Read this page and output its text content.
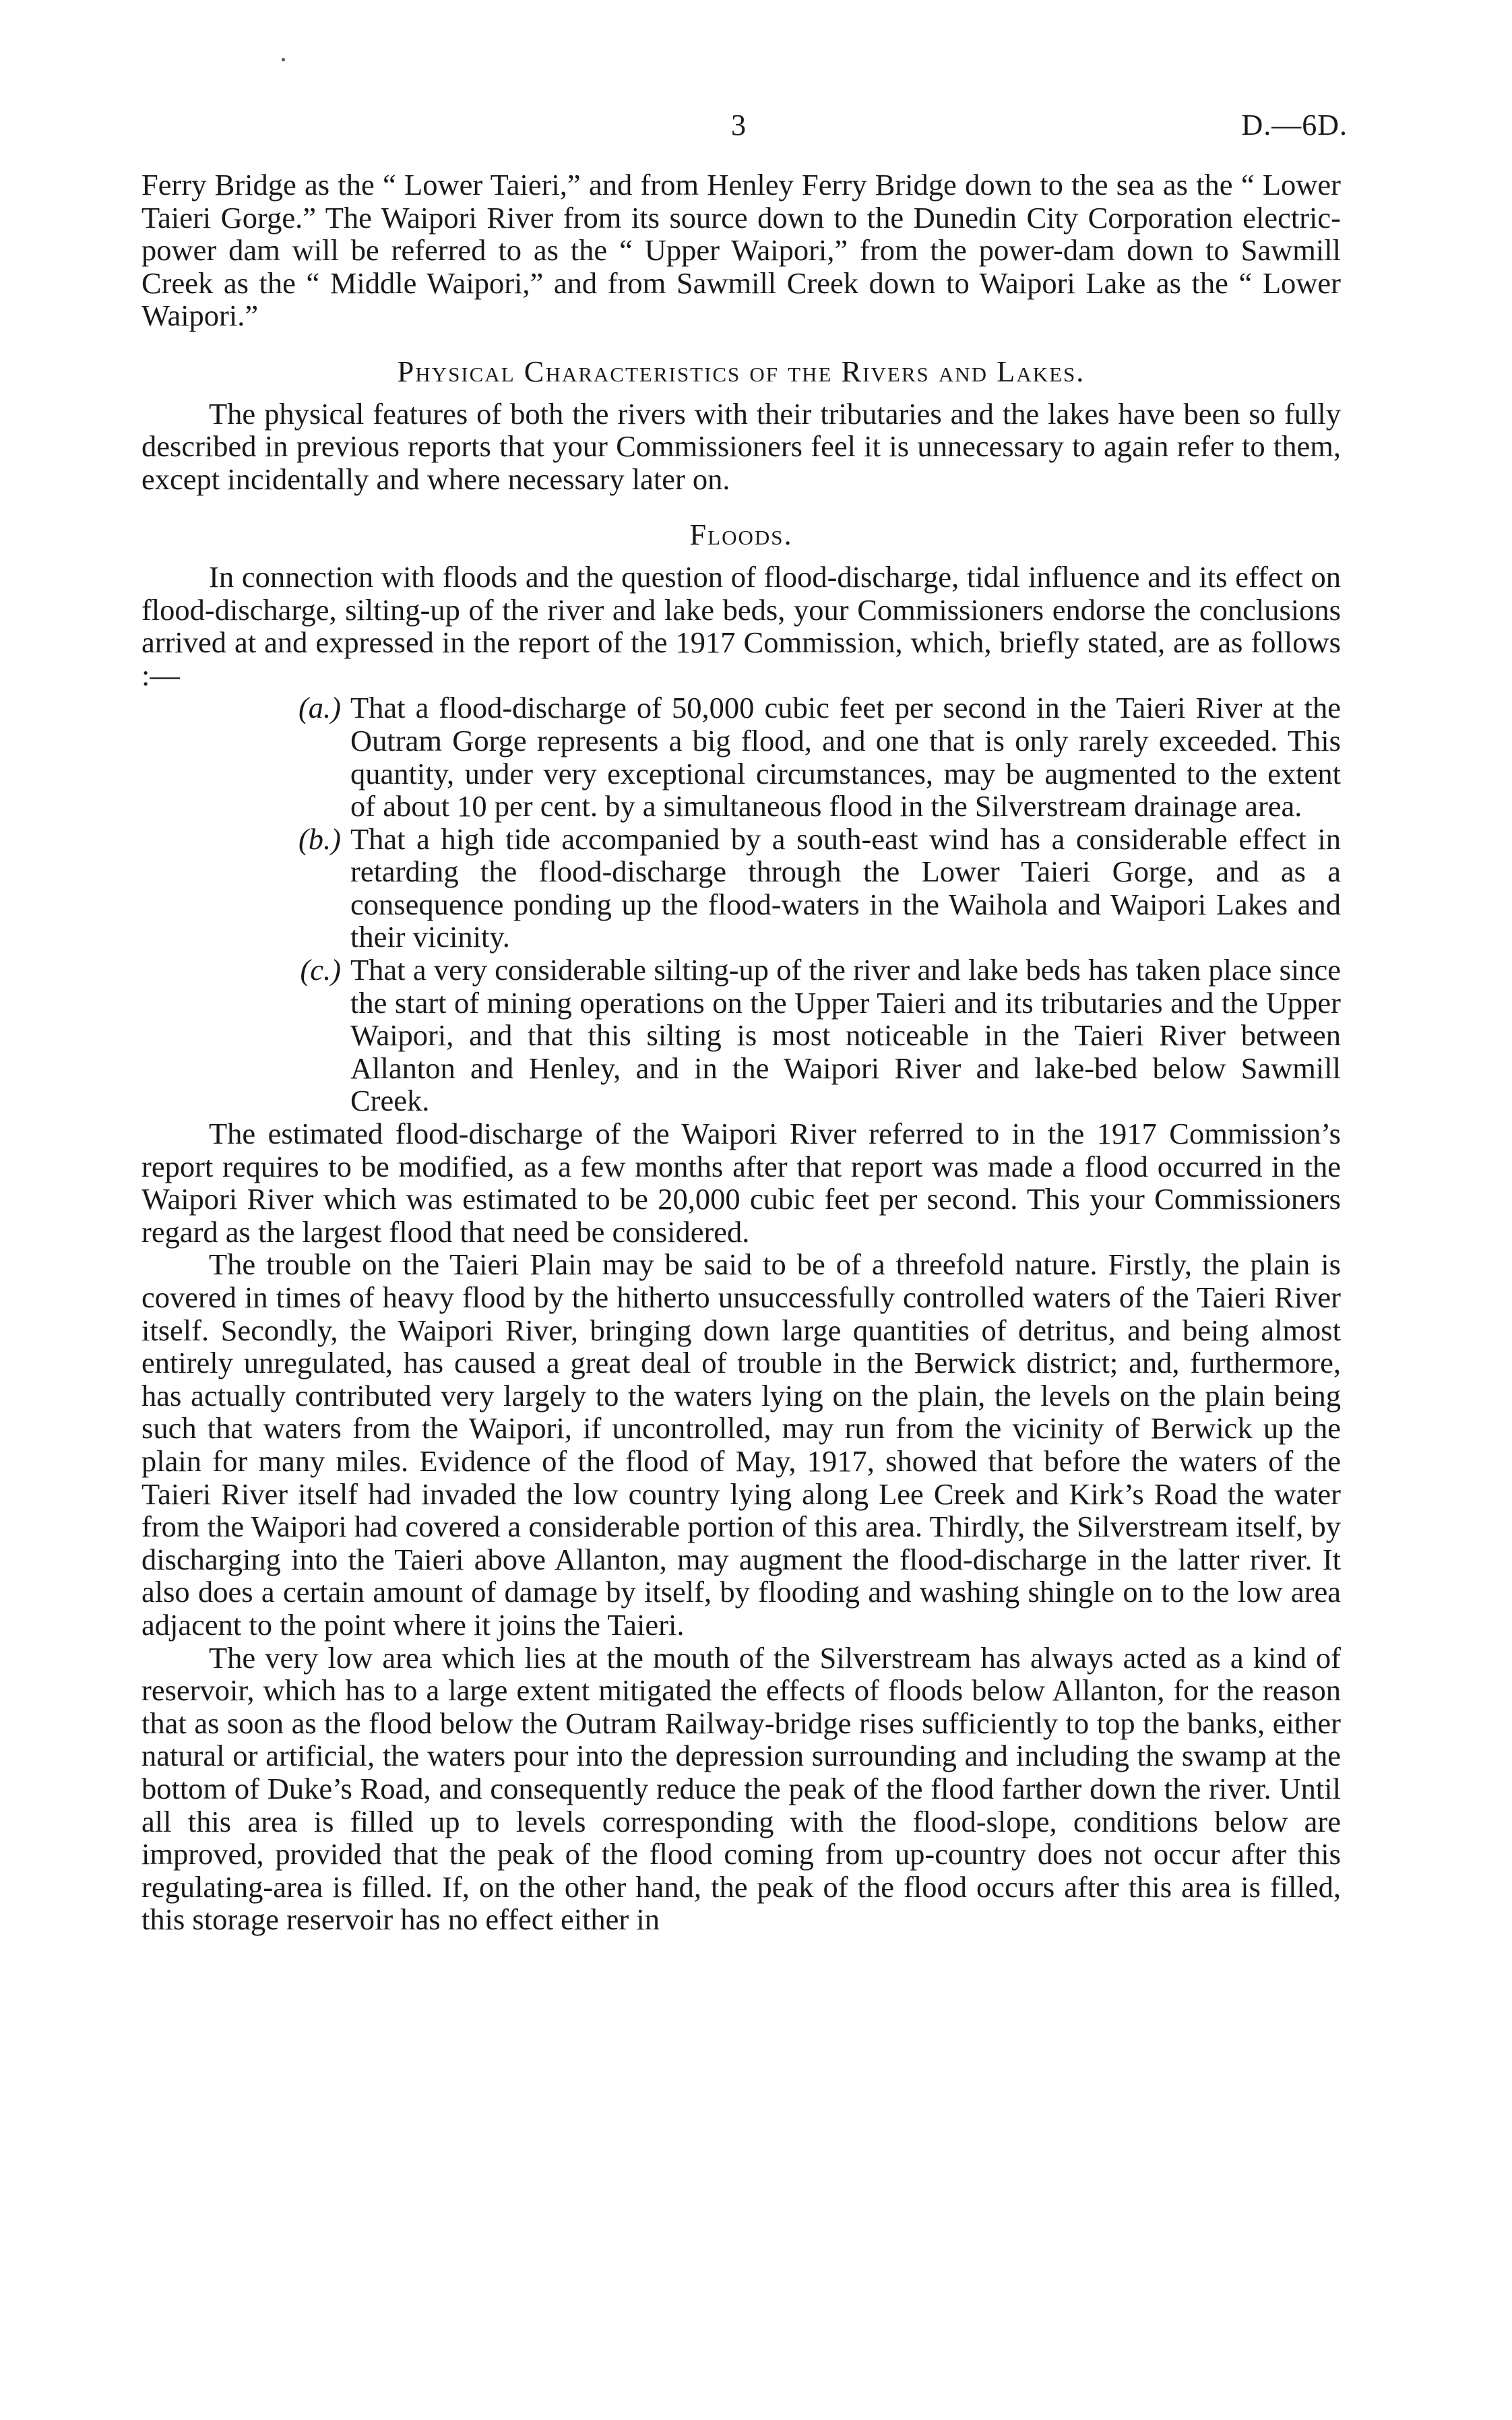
3	D.—6D.

Ferry Bridge as the “ Lower Taieri,” and from Henley Ferry Bridge down to the sea as the “ Lower Taieri Gorge.” The Waipori River from its source down to the Dunedin City Corporation electric-power dam will be referred to as the “ Upper Waipori,” from the power-dam down to Sawmill Creek as the “ Middle Waipori,” and from Sawmill Creek down to Waipori Lake as the “ Lower Waipori.”

Physical Characteristics of the Rivers and Lakes.

The physical features of both the rivers with their tributaries and the lakes have been so fully described in previous reports that your Commissioners feel it is unnecessary to again refer to them, except incidentally and where necessary later on.

Floods.

In connection with floods and the question of flood-discharge, tidal influence and its effect on flood-discharge, silting-up of the river and lake beds, your Commissioners endorse the conclusions arrived at and expressed in the report of the 1917 Commission, which, briefly stated, are as follows :—

(a.) That a flood-discharge of 50,000 cubic feet per second in the Taieri River at the Outram Gorge represents a big flood, and one that is only rarely exceeded. This quantity, under very exceptional circumstances, may be augmented to the extent of about 10 per cent. by a simultaneous flood in the Silverstream drainage area.
(b.) That a high tide accompanied by a south-east wind has a considerable effect in retarding the flood-discharge through the Lower Taieri Gorge, and as a consequence ponding up the flood-waters in the Waihola and Waipori Lakes and their vicinity.
(c.) That a very considerable silting-up of the river and lake beds has taken place since the start of mining operations on the Upper Taieri and its tributaries and the Upper Waipori, and that this silting is most noticeable in the Taieri River between Allanton and Henley, and in the Waipori River and lake-bed below Sawmill Creek.

The estimated flood-discharge of the Waipori River referred to in the 1917 Commission’s report requires to be modified, as a few months after that report was made a flood occurred in the Waipori River which was estimated to be 20,000 cubic feet per second. This your Commissioners regard as the largest flood that need be considered.

The trouble on the Taieri Plain may be said to be of a threefold nature. Firstly, the plain is covered in times of heavy flood by the hitherto unsuccessfully controlled waters of the Taieri River itself. Secondly, the Waipori River, bringing down large quantities of detritus, and being almost entirely unregulated, has caused a great deal of trouble in the Berwick district; and, furthermore, has actually contributed very largely to the waters lying on the plain, the levels on the plain being such that waters from the Waipori, if uncontrolled, may run from the vicinity of Berwick up the plain for many miles. Evidence of the flood of May, 1917, showed that before the waters of the Taieri River itself had invaded the low country lying along Lee Creek and Kirk’s Road the water from the Waipori had covered a considerable portion of this area. Thirdly, the Silverstream itself, by discharging into the Taieri above Allanton, may augment the flood-discharge in the latter river. It also does a certain amount of damage by itself, by flooding and washing shingle on to the low area adjacent to the point where it joins the Taieri.

The very low area which lies at the mouth of the Silverstream has always acted as a kind of reservoir, which has to a large extent mitigated the effects of floods below Allanton, for the reason that as soon as the flood below the Outram Railway-bridge rises sufficiently to top the banks, either natural or artificial, the waters pour into the depression surrounding and including the swamp at the bottom of Duke’s Road, and consequently reduce the peak of the flood farther down the river. Until all this area is filled up to levels corresponding with the flood-slope, conditions below are improved, provided that the peak of the flood coming from up-country does not occur after this regulating-area is filled. If, on the other hand, the peak of the flood occurs after this area is filled, this storage reservoir has no effect either in
